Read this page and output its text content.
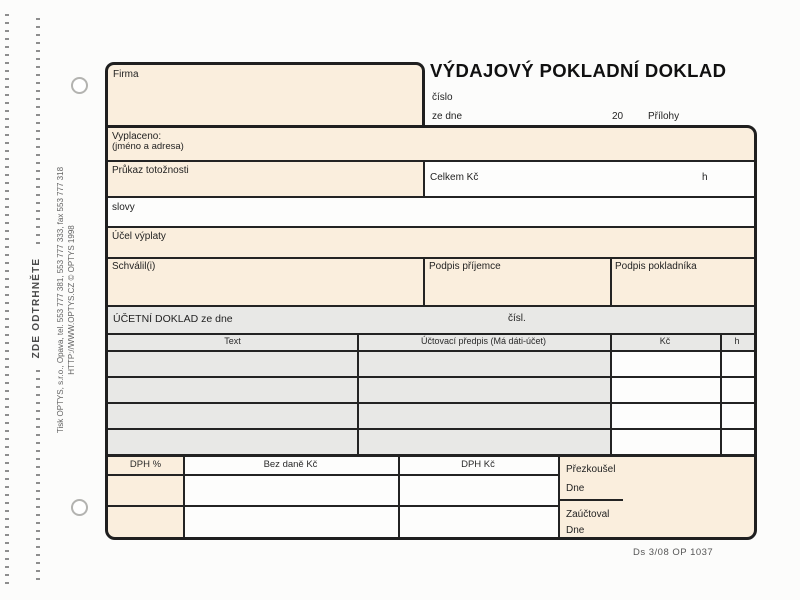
ZDE ODTRHNĚTE	Tisk OPTYS, s.r.o., Opava, tel. 553 777 381, 553 777 333, fax 553 777 318 HTTP://WWW.OPTYS.CZ © OPTYS 1998
Firma	VÝDAJOVÝ POKLADNÍ DOKLAD
číslo
ze dne	20 Přílohy
Vyplaceno:
(jméno a adresa)
Průkaz totožnosti
Celkem Kč	h
slovy
Účel výplaty
Schválil(i)	Podpis příjemce	Podpis pokladníka
ÚČETNÍ DOKLAD ze dne	čísl.
Text	Účtovací předpis (Má dáti-účet)	Kč	h
DPH %	Bez daně Kč	DPH Kč	Přezkoušel
Dne
Zaúčtoval
Dne
Ds 3/08 OP 1037
